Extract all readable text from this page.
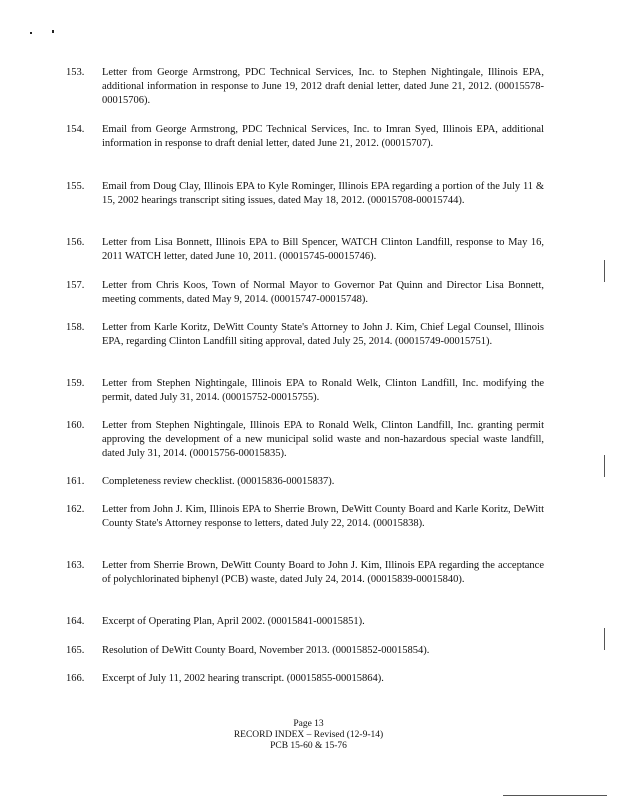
153.	Letter from George Armstrong, PDC Technical Services, Inc. to Stephen Nightingale, Illinois EPA, additional information in response to June 19, 2012 draft denial letter, dated June 21, 2012. (00015578-00015706).
154.	Email from George Armstrong, PDC Technical Services, Inc. to Imran Syed, Illinois EPA, additional information in response to draft denial letter, dated June 21, 2012. (00015707).
155.	Email from Doug Clay, Illinois EPA to Kyle Rominger, Illinois EPA regarding a portion of the July 11 & 15, 2002 hearings transcript siting issues, dated May 18, 2012. (00015708-00015744).
156.	Letter from Lisa Bonnett, Illinois EPA to Bill Spencer, WATCH Clinton Landfill, response to May 16, 2011 WATCH letter, dated June 10, 2011. (00015745-00015746).
157.	Letter from Chris Koos, Town of Normal Mayor to Governor Pat Quinn and Director Lisa Bonnett, meeting comments, dated May 9, 2014. (00015747-00015748).
158.	Letter from Karle Koritz, DeWitt County State's Attorney to John J. Kim, Chief Legal Counsel, Illinois EPA, regarding Clinton Landfill siting approval, dated July 25, 2014. (00015749-00015751).
159.	Letter from Stephen Nightingale, Illinois EPA to Ronald Welk, Clinton Landfill, Inc. modifying the permit, dated July 31, 2014. (00015752-00015755).
160.	Letter from Stephen Nightingale, Illinois EPA to Ronald Welk, Clinton Landfill, Inc. granting permit approving the development of a new municipal solid waste and non-hazardous special waste landfill, dated July 31, 2014. (00015756-00015835).
161.	Completeness review checklist. (00015836-00015837).
162.	Letter from John J. Kim, Illinois EPA to Sherrie Brown, DeWitt County Board and Karle Koritz, DeWitt County State's Attorney response to letters, dated July 22, 2014. (00015838).
163.	Letter from Sherrie Brown, DeWitt County Board to John J. Kim, Illinois EPA regarding the acceptance of polychlorinated biphenyl (PCB) waste, dated July 24, 2014. (00015839-00015840).
164.	Excerpt of Operating Plan, April 2002. (00015841-00015851).
165.	Resolution of DeWitt County Board, November 2013. (00015852-00015854).
166.	Excerpt of July 11, 2002 hearing transcript. (00015855-00015864).
Page 13
RECORD INDEX – Revised (12-9-14)
PCB 15-60 & 15-76
